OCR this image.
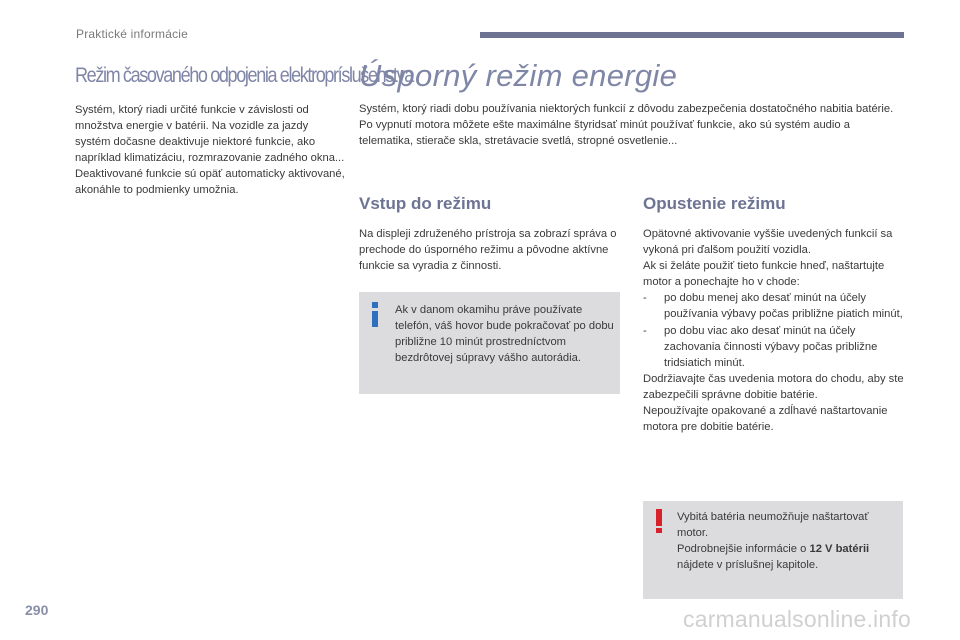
Praktické informácie
Režim časovaného odpojenia elektropríslušenstva

Systém, ktorý riadi určité funkcie v závislosti od množstva energie v batérii. Na vozidle za jazdy systém dočasne deaktivuje niektoré funkcie, ako napríklad klimatizáciu, rozmrazovanie zadného okna... Deaktivované funkcie sú opäť automaticky aktivované, akonáhle to podmienky umožnia.

Úsporný režim energie

Systém, ktorý riadi dobu používania niektorých funkcií z dôvodu zabezpečenia dostatočného nabitia batérie.

Po vypnutí motora môžete ešte maximálne štyridsať minút používať funkcie, ako sú systém audio a telematika, stierače skla, stretávacie svetlá, stropné osvetlenie...

Vstup do režimu

Na displeji združeného prístroja sa zobrazí správa o prechode do úsporného režimu a pôvodne aktívne funkcie sa vyradia z činnosti.

Ak v danom okamihu práve používate telefón, váš hovor bude pokračovať po dobu približne 10 minút prostredníctvom bezdrôtovej súpravy vášho autorádia.

Opustenie režimu

Opätovné aktivovanie vyššie uvedených funkcií sa vykoná pri ďalšom použití vozidla.

Ak si želáte použiť tieto funkcie hneď, naštartujte motor a ponechajte ho v chode:

- po dobu menej ako desať minút na účely používania výbavy počas približne piatich minút,
- po dobu viac ako desať minút na účely zachovania činnosti výbavy počas približne tridsiatich minút.

Dodržiavajte čas uvedenia motora do chodu, aby ste zabezpečili správne dobitie batérie.

Nepoužívajte opakované a zdĺhavé naštartovanie motora pre dobitie batérie.

Vybitá batéria neumožňuje naštartovať motor.

Podrobnejšie informácie o 12 V batérii nájdete v príslušnej kapitole.

290	carmanualsonline.info
